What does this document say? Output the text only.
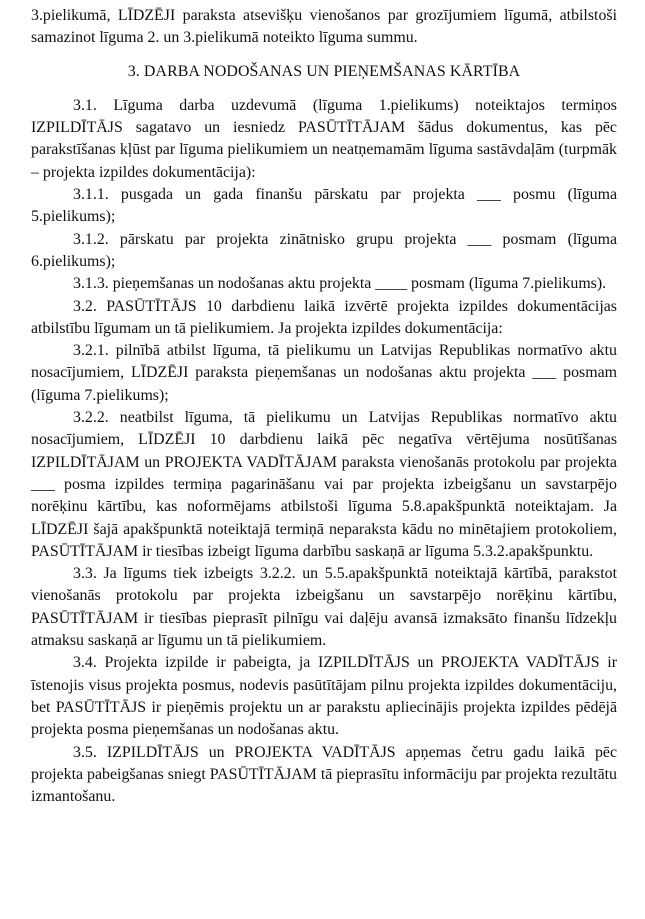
3.pielikumā, LĪDZĒJI paraksta atsevišķu vienošanos par grozījumiem līgumā, atbilstoši samazinot līguma 2. un 3.pielikumā noteikto līguma summu.

3. DARBA NODOŠANAS UN PIEŅEMŠANAS KĀRTĪBA

3.1. Līguma darba uzdevumā (līguma 1.pielikums) noteiktajos termiņos IZPILDĪTĀJS sagatavo un iesniedz PASŪTĪTĀJAM šādus dokumentus, kas pēc parakstīšanas kļūst par līguma pielikumiem un neatņemamām līguma sastāvdaļām (turpmāk – projekta izpildes dokumentācija):

3.1.1. pusgada un gada finanšu pārskatu par projekta ___ posmu (līguma 5.pielikums);

3.1.2. pārskatu par projekta zinātnisko grupu projekta ___ posmam (līguma 6.pielikums);

3.1.3. pieņemšanas un nodošanas aktu projekta ____ posmam (līguma 7.pielikums).

3.2. PASŪTĪTĀJS 10 darbdienu laikā izvērtē projekta izpildes dokumentācijas atbilstību līgumam un tā pielikumiem. Ja projekta izpildes dokumentācija:

3.2.1. pilnībā atbilst līguma, tā pielikumu un Latvijas Republikas normatīvo aktu nosacījumiem, LĪDZĒJI paraksta pieņemšanas un nodošanas aktu projekta ___ posmam (līguma 7.pielikums);

3.2.2. neatbilst līguma, tā pielikumu un Latvijas Republikas normatīvo aktu nosacījumiem, LĪDZĒJI 10 darbdienu laikā pēc negatīva vērtējuma nosūtīšanas IZPILDĪTĀJAM un PROJEKTA VADĪTĀJAM paraksta vienošanās protokolu par projekta ___ posma izpildes termiņa pagarināšanu vai par projekta izbeigšanu un savstarpējo norēķinu kārtību, kas noformējams atbilstoši līguma 5.8.apakšpunktā noteiktajam. Ja LĪDZĒJI šajā apakšpunktā noteiktajā termiņā neparaksta kādu no minētajiem protokoliem, PASŪTĪTĀJAM ir tiesības izbeigt līguma darbību saskaņā ar līguma 5.3.2.apakšpunktu.

3.3. Ja līgums tiek izbeigts 3.2.2. un 5.5.apakšpunktā noteiktajā kārtībā, parakstot vienošanās protokolu par projekta izbeigšanu un savstarpējo norēķinu kārtību, PASŪTĪTĀJAM ir tiesības pieprasīt pilnīgu vai daļēju avansā izmaksāto finanšu līdzekļu atmaksu saskaņā ar līgumu un tā pielikumiem.

3.4. Projekta izpilde ir pabeigta, ja IZPILDĪTĀJS un PROJEKTA VADĪTĀJS ir īstenojis visus projekta posmus, nodevis pasūtītājam pilnu projekta izpildes dokumentāciju, bet PASŪTĪTĀJS ir pieņēmis projektu un ar parakstu apliecinājis projekta izpildes pēdējā projekta posma pieņemšanas un nodošanas aktu.

3.5. IZPILDĪTĀJS un PROJEKTA VADĪTĀJS apņemas četru gadu laikā pēc projekta pabeigšanas sniegt PASŪTĪTĀJAM tā pieprasītu informāciju par projekta rezultātu izmantošanu.
